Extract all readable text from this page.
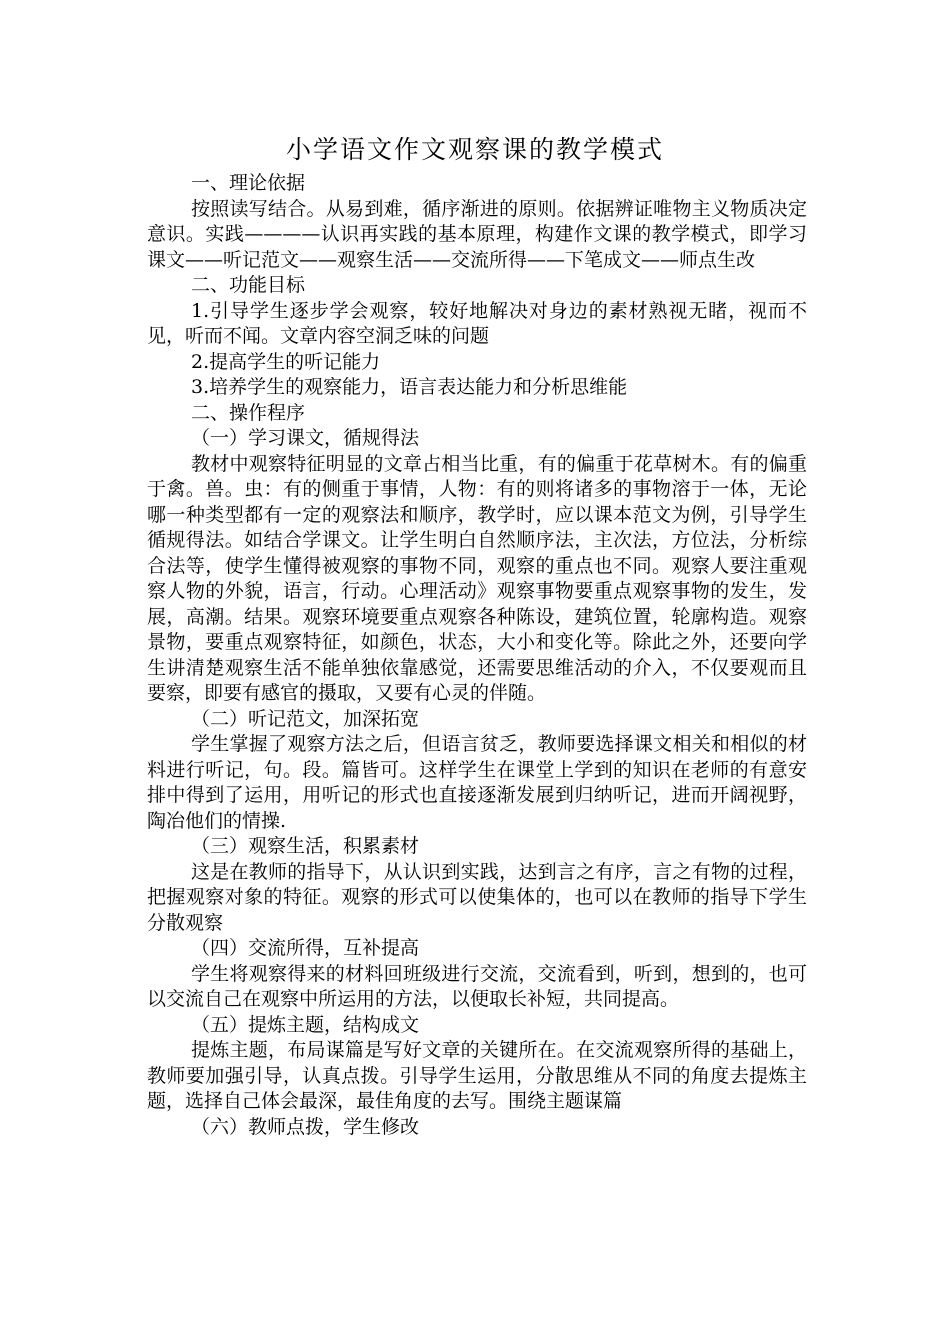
小学语文作文观察课的教学模式

一、理论依据

按照读写结合。从易到难，循序渐进的原则。依据辨证唯物主义物质决定意识。实践————认识再实践的基本原理，构建作文课的教学模式，即学习课文——听记范文——观察生活——交流所得——下笔成文——师点生改

二、功能目标

1.引导学生逐步学会观察，较好地解决对身边的素材熟视无睹，视而不见，听而不闻。文章内容空洞乏味的问题

2.提高学生的听记能力

3.培养学生的观察能力，语言表达能力和分析思维能

二、操作程序

（一）学习课文，循规得法

教材中观察特征明显的文章占相当比重，有的偏重于花草树木。有的偏重于禽。兽。虫：有的侧重于事情，人物：有的则将诸多的事物溶于一体，无论哪一种类型都有一定的观察法和顺序，教学时，应以课本范文为例，引导学生循规得法。如结合学课文。让学生明白自然顺序法，主次法，方位法，分析综合法等，使学生懂得被观察的事物不同，观察的重点也不同。观察人要注重观察人物的外貌，语言，行动。心理活动》观察事物要重点观察事物的发生，发展，高潮。结果。观察环境要重点观察各种陈设，建筑位置，轮廓构造。观察景物，要重点观察特征，如颜色，状态，大小和变化等。除此之外，还要向学生讲清楚观察生活不能单独依靠感觉，还需要思维活动的介入，不仅要观而且要察，即要有感官的摄取，又要有心灵的伴随。

（二）听记范文，加深拓宽

学生掌握了观察方法之后，但语言贫乏，教师要选择课文相关和相似的材料进行听记，句。段。篇皆可。这样学生在课堂上学到的知识在老师的有意安排中得到了运用，用听记的形式也直接逐渐发展到归纳听记，进而开阔视野，陶冶他们的情操.

（三）观察生活，积累素材

这是在教师的指导下，从认识到实践，达到言之有序，言之有物的过程，把握观察对象的特征。观察的形式可以使集体的，也可以在教师的指导下学生分散观察

（四）交流所得，互补提高

学生将观察得来的材料回班级进行交流，交流看到，听到，想到的，也可以交流自己在观察中所运用的方法，以便取长补短，共同提高。

（五）提炼主题，结构成文

提炼主题，布局谋篇是写好文章的关键所在。在交流观察所得的基础上，教师要加强引导，认真点拨。引导学生运用，分散思维从不同的角度去提炼主题，选择自己体会最深，最佳角度的去写。围绕主题谋篇

（六）教师点拨，学生修改
